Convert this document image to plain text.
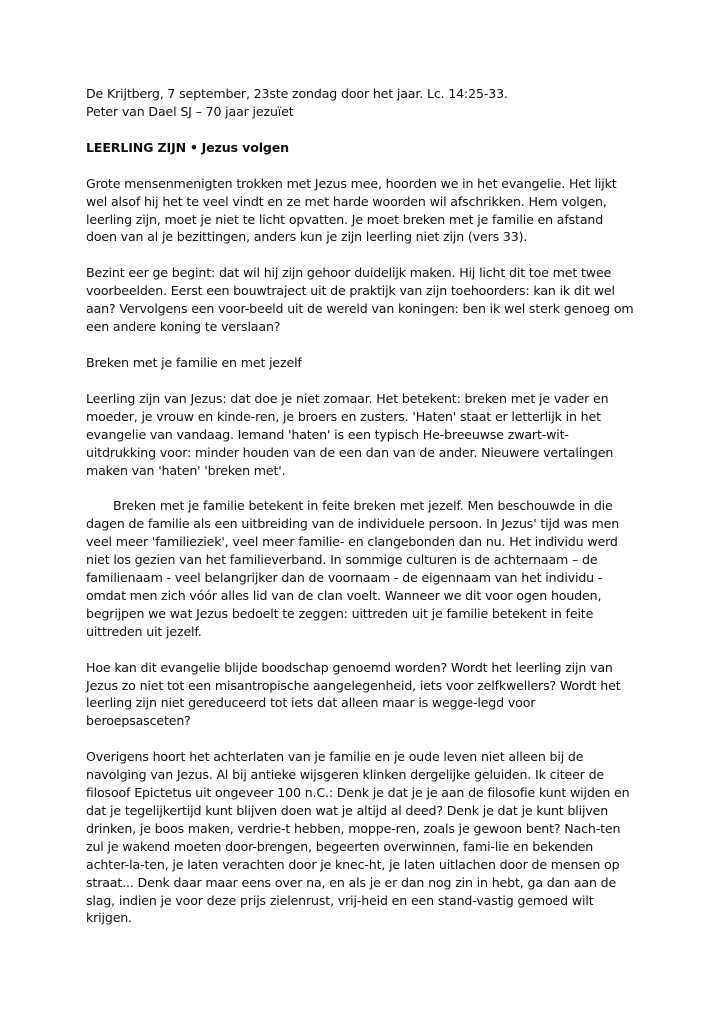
De Krijtberg, 7 september, 23ste zondag door het jaar. Lc. 14:25-33.

Peter van Dael SJ – 70 jaar jezuïet

LEERLING ZIJN • Jezus volgen

Grote mensenmenigten trokken met Jezus mee, hoorden we in het evangelie. Het lijkt wel alsof hij het te veel vindt en ze met harde woorden wil afschrikken. Hem volgen, leerling zijn, moet je niet te licht opvatten. Je moet breken met je familie en afstand doen van al je bezittingen, anders kun je zijn leerling niet zijn (vers 33).

Bezint eer ge begint: dat wil hij zijn gehoor duidelijk maken. Hij licht dit toe met twee voorbeelden. Eerst een bouwtraject uit de praktijk van zijn toehoorders: kan ik dit wel aan? Vervolgens een voor-beeld uit de wereld van koningen: ben ik wel sterk genoeg om een andere koning te verslaan?

Breken met je familie en met jezelf

Leerling zijn van Jezus: dat doe je niet zomaar. Het betekent: breken met je vader en moeder, je vrouw en kinde-ren, je broers en zusters. 'Haten' staat er letterlijk in het evangelie van vandaag. Iemand 'haten' is een typisch He-breeuwse zwart-wit-uitdrukking voor: minder houden van de een dan van de ander. Nieuwere vertalingen maken van 'haten' 'breken met'.

Breken met je familie betekent in feite breken met jezelf. Men beschouwde in die dagen de familie als een uitbreiding van de individuele persoon. In Jezus' tijd was men veel meer 'familieziek', veel meer familie- en clangebonden dan nu. Het individu werd niet los gezien van het familieverband. In sommige culturen is de achternaam – de familienaam - veel belangrijker dan de voornaam - de eigennaam van het individu - omdat men zich vóór alles lid van de clan voelt. Wanneer we dit voor ogen houden, begrijpen we wat Jezus bedoelt te zeggen: uittreden uit je familie betekent in feite uittreden uit jezelf.

Hoe kan dit evangelie blijde boodschap genoemd worden? Wordt het leerling zijn van Jezus zo niet tot een misantropische aangelegenheid, iets voor zelfkwellers? Wordt het leerling zijn niet gereduceerd tot iets dat alleen maar is wegge-legd voor beroepsasceten?

Overigens hoort het achterlaten van je familie en je oude leven niet alleen bij de navolging van Jezus. Al bij antieke wijsgeren klinken dergelijke geluiden. Ik citeer de filosoof Epictetus uit ongeveer 100 n.C.: Denk je dat je je aan de filosofie kunt wijden en dat je tegelijkertijd kunt blijven doen wat je altijd al deed? Denk je dat je kunt blijven drinken, je boos maken, verdrie-t hebben, moppe-ren, zoals je gewoon bent? Nach-ten zul je wakend moeten door-brengen, begeerten overwinnen, fami-lie en bekenden achter-la-ten, je laten verachten door je knec-ht, je laten uitlachen door de mensen op straat... Denk daar maar eens over na, en als je er dan nog zin in hebt, ga dan aan de slag, indien je voor deze prijs zielenrust, vrij-heid en een stand-vastig gemoed wilt krijgen.
